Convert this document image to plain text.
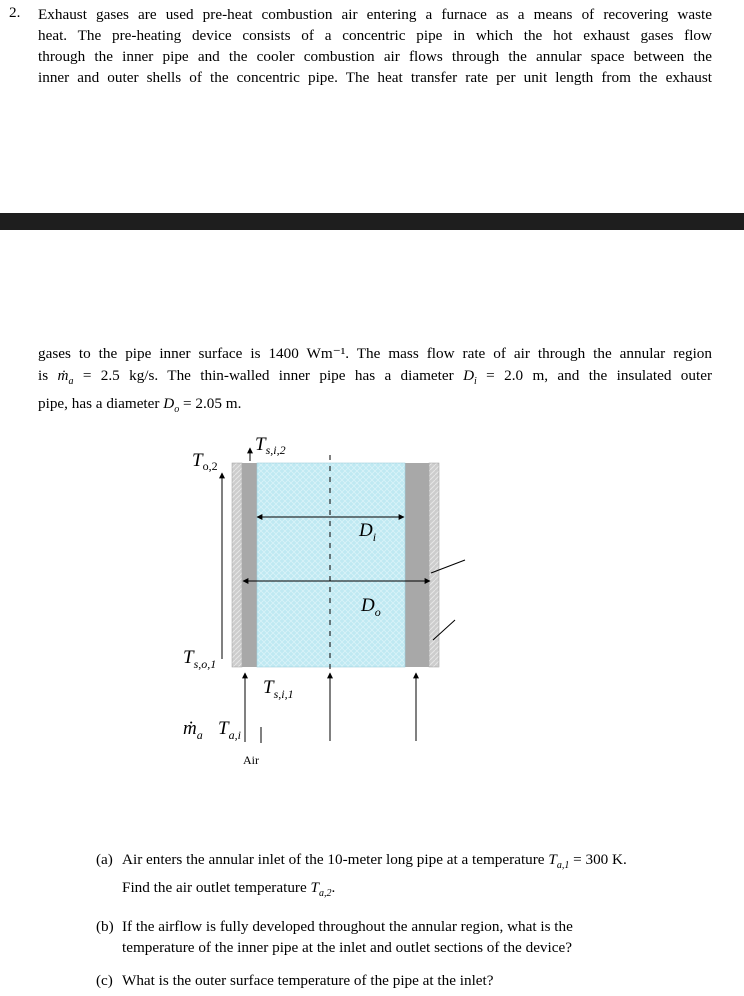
2. Exhaust gases are used pre-heat combustion air entering a furnace as a means of recovering waste
heat. The pre-heating device consists of a concentric pipe in which the hot exhaust gases flow
through the inner pipe and the cooler combustion air flows through the annular space between the
inner and outer shells of the concentric pipe. The heat transfer rate per unit length from the exhaust
gases to the pipe inner surface is 1400 Wm⁻¹. The mass flow rate of air through the annular region
is ṁ$_a$ = 2.5 kg/s. The thin-walled inner pipe has a diameter $D_i = 2.0$ m, and the insulated outer
pipe, has a diameter $D_o = 2.05$ m.
$T_{o,2}$
$T_{s,i,2}$
$D_i$
$D_o$
$T_{s,o,1}$
$T_{s,i,1}$
ṁ$_a$ $T_{a,i}$
Air
(a) Air enters the annular inlet of the 10-meter long pipe at a temperature $T_{a,1} = 300$ K.
Find the air outlet temperature $T_{a,2}$.
(b) If the airflow is fully developed throughout the annular region, what is the
temperature of the inner pipe at the inlet and outlet sections of the device?
(c) What is the outer surface temperature of the pipe at the inlet?
